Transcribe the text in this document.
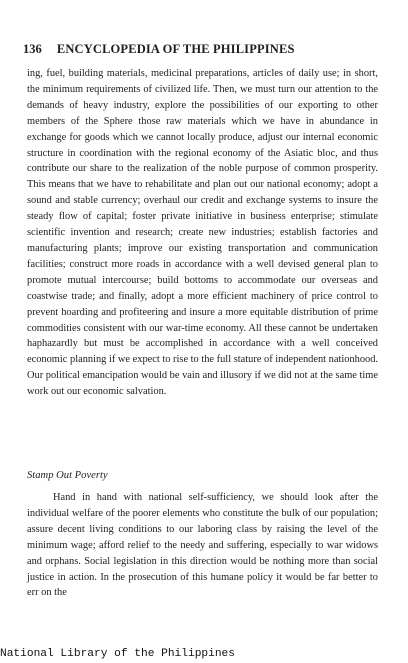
136 ENCYCLOPEDIA OF THE PHILIPPINES
ing, fuel, building materials, medicinal preparations, articles of daily use; in short, the minimum requirements of civilized life. Then, we must turn our attention to the demands of heavy industry, explore the possibilities of our exporting to other members of the Sphere those raw materials which we have in abundance in exchange for goods which we cannot locally produce, adjust our internal economic structure in coordination with the regional economy of the Asiatic bloc, and thus contribute our share to the realization of the noble purpose of common prosperity. This means that we have to rehabilitate and plan out our national economy; adopt a sound and stable currency; overhaul our credit and exchange systems to insure the steady flow of capital; foster private initiative in business enterprise; stimulate scientific invention and research; create new industries; establish factories and manufacturing plants; improve our existing transportation and communication facilities; construct more roads in accordance with a well devised general plan to promote mutual intercourse; build bottoms to accommodate our overseas and coastwise trade; and finally, adopt a more efficient machinery of price control to prevent hoarding and profiteering and insure a more equitable distribution of prime commodities consistent with our war-time economy. All these cannot be undertaken haphazardly but must be accomplished in accordance with a well conceived economic planning if we expect to rise to the full stature of independent nationhood. Our political emancipation would be vain and illusory if we did not at the same time work out our economic salvation.
Stamp Out Poverty
Hand in hand with national self-sufficiency, we should look after the individual welfare of the poorer elements who constitute the bulk of our population; assure decent living conditions to our laboring class by raising the level of the minimum wage; afford relief to the needy and suffering, especially to war widows and orphans. Social legislation in this direction would be nothing more than social justice in action. In the prosecution of this humane policy it would be far better to err on the
National Library of the Philippines
